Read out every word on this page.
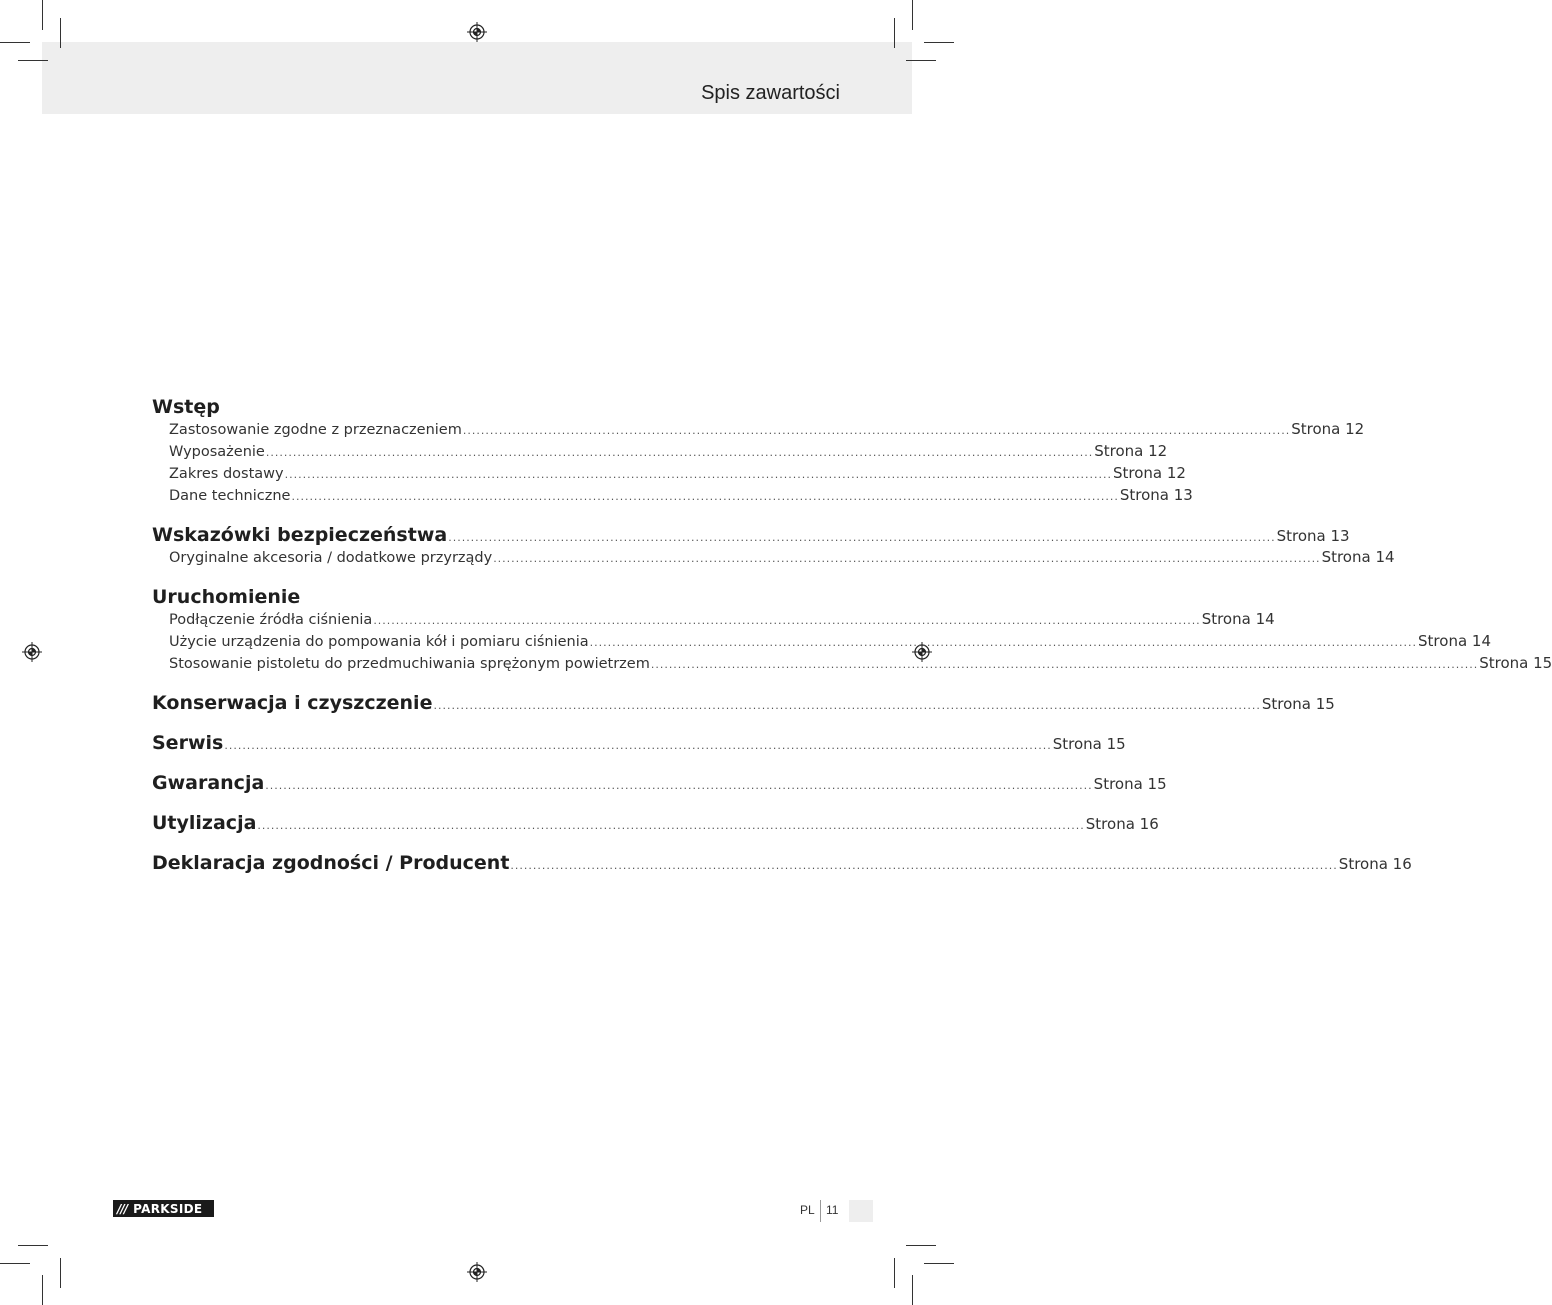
Spis zawartości
Wstęp
Zastosowanie zgodne z przeznaczeniem ........................................................................................................................................................................................ Strona 12
Wyposażenie ........................................................................................................................................................................................ Strona 12
Zakres dostawy ........................................................................................................................................................................................ Strona 12
Dane techniczne ........................................................................................................................................................................................ Strona 13
Wskazówki bezpieczeństwa ........................................................................................................................................................................................ Strona 13
Oryginalne akcesoria / dodatkowe przyrządy ........................................................................................................................................................................................ Strona 14
Uruchomienie
Podłączenie źródła ciśnienia ........................................................................................................................................................................................ Strona 14
Użycie urządzenia do pompowania kół i pomiaru ciśnienia ........................................................................................................................................................................................ Strona 14
Stosowanie pistoletu do przedmuchiwania sprężonym powietrzem ........................................................................................................................................................................................ Strona 15
Konserwacja i czyszczenie ........................................................................................................................................................................................ Strona 15
Serwis ........................................................................................................................................................................................ Strona 15
Gwarancja ........................................................................................................................................................................................ Strona 15
Utylizacja ........................................................................................................................................................................................ Strona 16
Deklaracja zgodności / Producent ........................................................................................................................................................................................ Strona 16
/// PARKSIDE	PL 11
